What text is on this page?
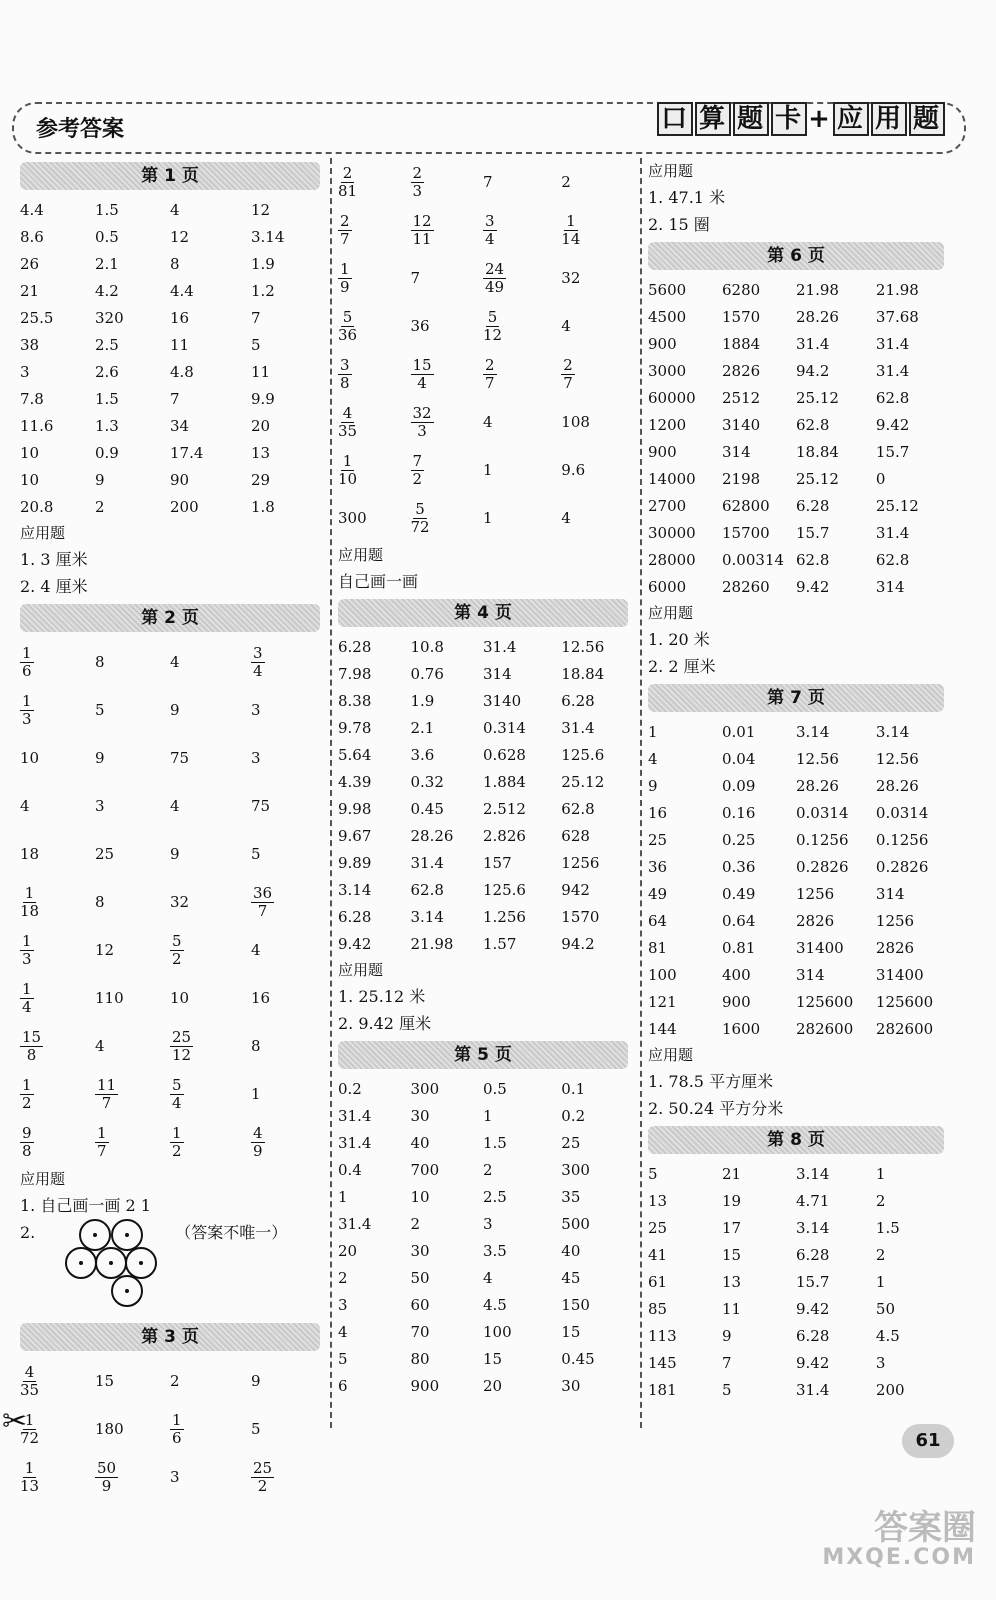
参考答案	口 算 题 卡 + 应 用 题
第 1 页
4.4	1.5	4	12
8.6	0.5	12	3.14
26	2.1	8	1.9
21	4.2	4.4	1.2
25.5	320	16	7
38	2.5	11	5
3	2.6	4.8	11
7.8	1.5	7	9.9
11.6	1.3	34	20
10	0.9	17.4	13
10	9	90	29
20.8	2	200	1.8
应用题
1. 3 厘米
2. 4 厘米
第 2 页
$\frac{1}{6}$	8	4	$\frac{3}{4}$

$\frac{1}{3}$	5	9	3
10	9	75	3
4	3	4	75
18	25	9	5

$\frac{1}{18}$	8	32	$\frac{36}{7}$

$\frac{1}{3}$	12	$\frac{5}{2}$	4

$\frac{1}{4}$	110	10	16

$\frac{15}{8}$	4	$\frac{25}{12}$	8

$\frac{1}{2}$	$\frac{11}{7}$	$\frac{5}{4}$	1

$\frac{9}{8}$	$\frac{1}{7}$	$\frac{1}{2}$	$\frac{4}{9}$
应用题
1. 自己画一画 2 1
2.	（答案不唯一）
第 3 页
$\frac{4}{35}$	15	2	9

$\frac{1}{72}$	180	$\frac{1}{6}$	5

$\frac{1}{13}$	$\frac{50}{9}$	3	$\frac{25}{2}$
$\frac{2}{81}$	$\frac{2}{3}$	7	2

$\frac{2}{7}$	$\frac{12}{11}$	$\frac{3}{4}$	$\frac{1}{14}$

$\frac{1}{9}$	7	$\frac{24}{49}$	32

$\frac{5}{36}$	36	$\frac{5}{12}$	4

$\frac{3}{8}$	$\frac{15}{4}$	$\frac{2}{7}$	$\frac{2}{7}$

$\frac{4}{35}$	$\frac{32}{3}$	4	108

$\frac{1}{10}$	$\frac{7}{2}$	1	9.6
300	$\frac{5}{72}$	1	4
应用题
自己画一画
第 4 页
6.28	10.8	31.4	12.56
7.98	0.76	314	18.84
8.38	1.9	3140	6.28
9.78	2.1	0.314	31.4
5.64	3.6	0.628	125.6
4.39	0.32	1.884	25.12
9.98	0.45	2.512	62.8
9.67	28.26	2.826	628
9.89	31.4	157	1256
3.14	62.8	125.6	942
6.28	3.14	1.256	1570
9.42	21.98	1.57	94.2
应用题
1. 25.12 米
2. 9.42 厘米
第 5 页
0.2	300	0.5	0.1
31.4	30	1	0.2
31.4	40	1.5	25
0.4	700	2	300
1	10	2.5	35
31.4	2	3	500
20	30	3.5	40
2	50	4	45
3	60	4.5	150
4	70	100	15
5	80	15	0.45
6	900	20	30
应用题
1. 47.1 米
2. 15 圈
第 6 页
5600	6280	21.98	21.98
4500	1570	28.26	37.68
900	1884	31.4	31.4
3000	2826	94.2	31.4
60000	2512	25.12	62.8
1200	3140	62.8	9.42
900	314	18.84	15.7
14000	2198	25.12	0
2700	62800	6.28	25.12
30000	15700	15.7	31.4
28000	0.00314	62.8	62.8
6000	28260	9.42	314
应用题
1. 20 米
2. 2 厘米
第 7 页
1	0.01	3.14	3.14
4	0.04	12.56	12.56
9	0.09	28.26	28.26
16	0.16	0.0314	0.0314
25	0.25	0.1256	0.1256
36	0.36	0.2826	0.2826
49	0.49	1256	314
64	0.64	2826	1256
81	0.81	31400	2826
100	400	314	31400
121	900	125600	125600
144	1600	282600	282600
应用题
1. 78.5 平方厘米
2. 50.24 平方分米
第 8 页
5	21	3.14	1
13	19	4.71	2
25	17	3.14	1.5
41	15	6.28	2
61	13	15.7	1
85	11	9.42	50
113	9	6.28	4.5
145	7	9.42	3
181	5	31.4	200
✂
61
答案圈
MXQE.COM
